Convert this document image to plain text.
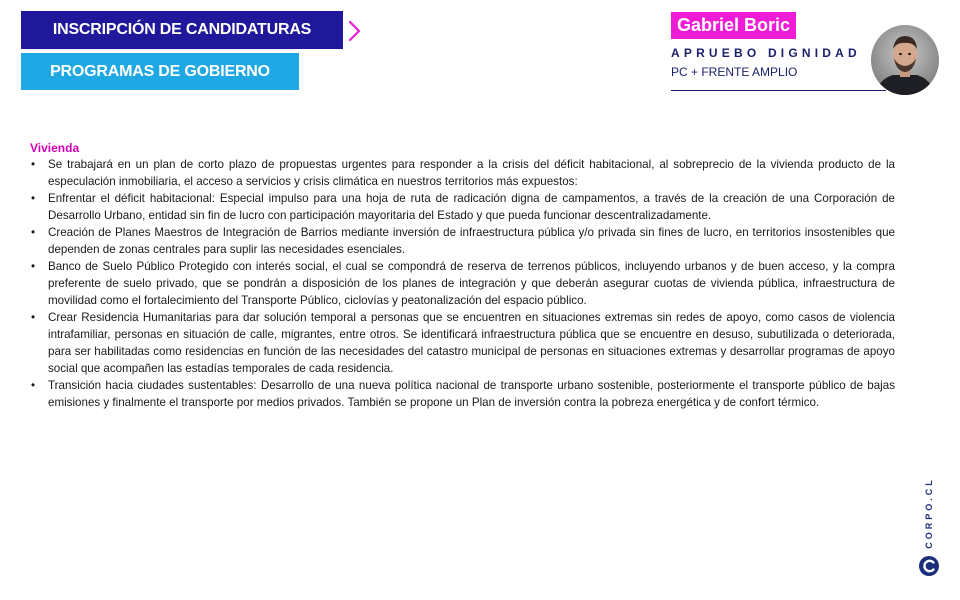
INSCRIPCIÓN DE CANDIDATURAS
PROGRAMAS DE GOBIERNO
Gabriel Boric
APRUEBO DIGNIDAD
PC + FRENTE AMPLIO
Vivienda
• Se trabajará en un plan de corto plazo de propuestas urgentes para responder a la crisis del déficit habitacional, al sobreprecio de la vivienda producto de la especulación inmobiliaria, el acceso a servicios y crisis climática en nuestros territorios más expuestos:
• Enfrentar el déficit habitacional: Especial impulso para una hoja de ruta de radicación digna de campamentos, a través de la creación de una Corporación de Desarrollo Urbano, entidad sin fin de lucro con participación mayoritaria del Estado y que pueda funcionar descentralizadamente.
• Creación de Planes Maestros de Integración de Barrios mediante inversión de infraestructura pública y/o privada sin fines de lucro, en territorios insostenibles que dependen de zonas centrales para suplir las necesidades esenciales.
• Banco de Suelo Público Protegido con interés social, el cual se compondrá de reserva de terrenos públicos, incluyendo urbanos y de buen acceso, y la compra preferente de suelo privado, que se pondrán a disposición de los planes de integración y que deberán asegurar cuotas de vivienda pública, infraestructura de movilidad como el fortalecimiento del Transporte Público, ciclovías y peatonalización del espacio público.
• Crear Residencia Humanitarias para dar solución temporal a personas que se encuentren en situaciones extremas sin redes de apoyo, como casos de violencia intrafamiliar, personas en situación de calle, migrantes, entre otros. Se identificará infraestructura pública que se encuentre en desuso, subutilizada o deteriorada, para ser habilitadas como residencias en función de las necesidades del catastro municipal de personas en situaciones extremas y desarrollar programas de apoyo social que acompañen las estadías temporales de cada residencia.
• Transición hacia ciudades sustentables: Desarrollo de una nueva política nacional de transporte urbano sostenible, posteriormente el transporte público de bajas emisiones y finalmente el transporte por medios privados. También se propone un Plan de inversión contra la pobreza energética y de confort térmico.
CORPO.CL
